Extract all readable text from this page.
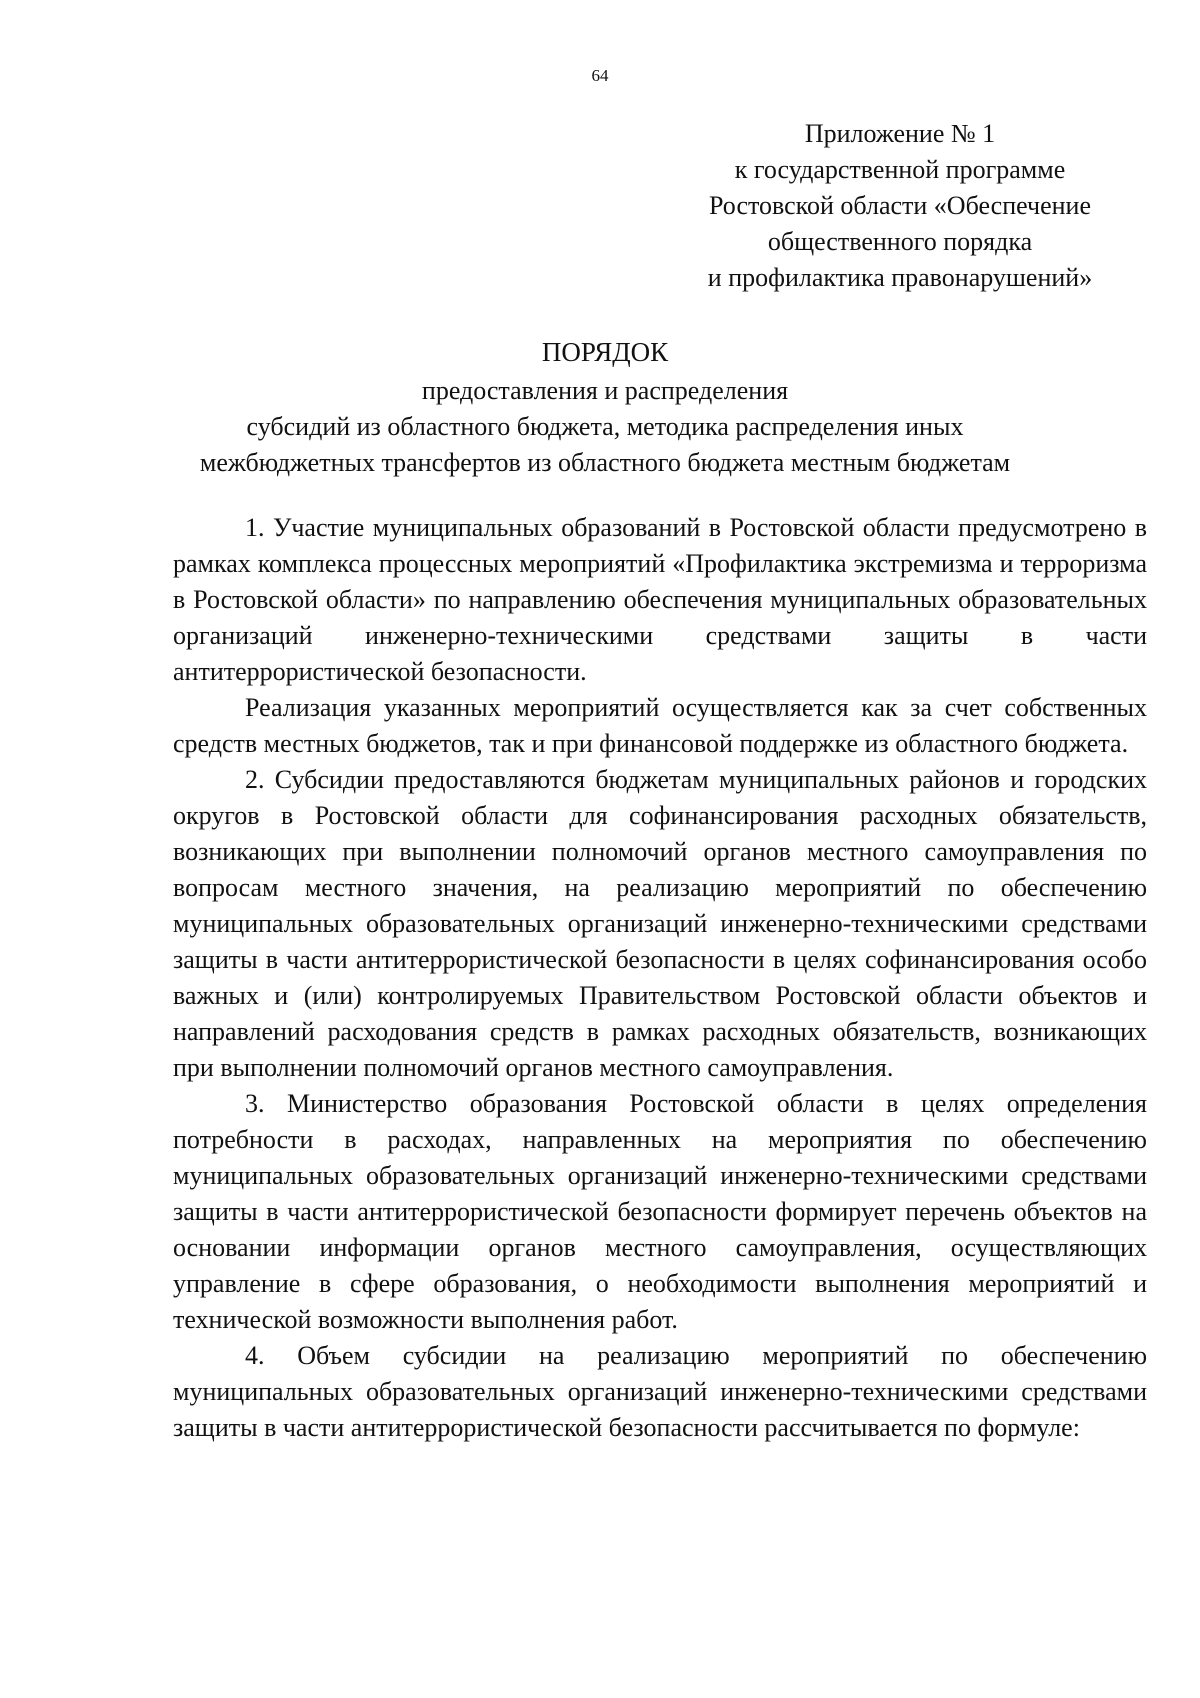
64
Приложение № 1
к государственной программе
Ростовской области «Обеспечение
общественного порядка
и профилактика правонарушений»
ПОРЯДОК
предоставления и распределения
субсидий из областного бюджета, методика распределения иных
межбюджетных трансфертов из областного бюджета местным бюджетам

1. Участие муниципальных образований в Ростовской области предусмотрено в рамках комплекса процессных мероприятий «Профилактика экстремизма и терроризма в Ростовской области» по направлению обеспечения муниципальных образовательных организаций инженерно-техническими средствами защиты в части антитеррористической безопасности.

Реализация указанных мероприятий осуществляется как за счет собственных средств местных бюджетов, так и при финансовой поддержке из областного бюджета.

2. Субсидии предоставляются бюджетам муниципальных районов и городских округов в Ростовской области для софинансирования расходных обязательств, возникающих при выполнении полномочий органов местного самоуправления по вопросам местного значения, на реализацию мероприятий по обеспечению муниципальных образовательных организаций инженерно-техническими средствами защиты в части антитеррористической безопасности в целях софинансирования особо важных и (или) контролируемых Правительством Ростовской области объектов и направлений расходования средств в рамках расходных обязательств, возникающих при выполнении полномочий органов местного самоуправления.

3. Министерство образования Ростовской области в целях определения потребности в расходах, направленных на мероприятия по обеспечению муниципальных образовательных организаций инженерно-техническими средствами защиты в части антитеррористической безопасности формирует перечень объектов на основании информации органов местного самоуправления, осуществляющих управление в сфере образования, о необходимости выполнения мероприятий и технической возможности выполнения работ.

4. Объем субсидии на реализацию мероприятий по обеспечению муниципальных образовательных организаций инженерно-техническими средствами защиты в части антитеррористической безопасности рассчитывается по формуле:
